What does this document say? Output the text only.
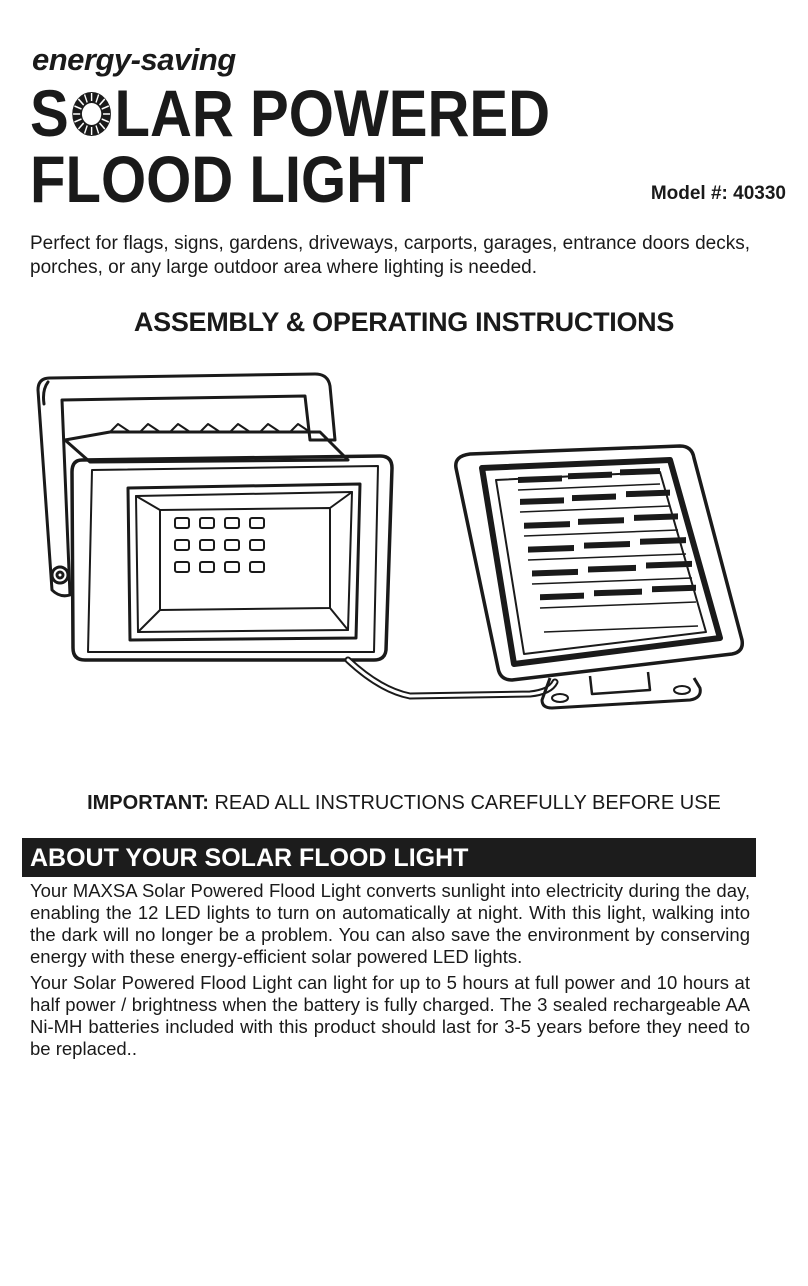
energy-saving
S LAR POWERED
FLOOD LIGHT	Model #: 40330
Perfect for flags, signs, gardens, driveways, carports, garages, entrance doors decks, porches, or any large outdoor area where lighting is needed.
ASSEMBLY & OPERATING INSTRUCTIONS
IMPORTANT: READ ALL INSTRUCTIONS CAREFULLY BEFORE USE
ABOUT YOUR SOLAR FLOOD LIGHT
Your MAXSA Solar Powered Flood Light converts sunlight into electricity during the day, enabling the 12 LED lights to turn on automatically at night. With this light, walking into the dark will no longer be a problem. You can also save the environment by conserving energy with these energy-efficient solar powered LED lights.
Your Solar Powered Flood Light can light for up to 5 hours at full power and 10 hours at half power / brightness when the battery is fully charged. The 3 sealed rechargeable AA Ni-MH batteries included with this product should last for 3-5 years before they need to be replaced..
